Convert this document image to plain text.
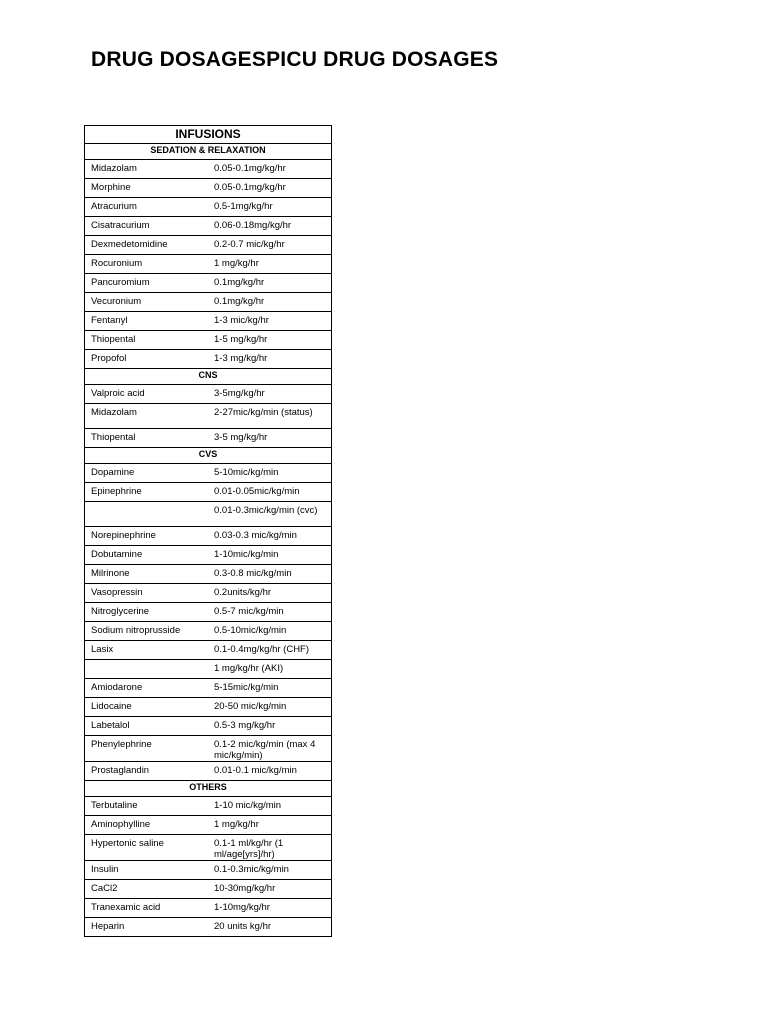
DRUG DOSAGESPICU DRUG DOSAGES
INFUSIONS	
SEDATION & RELAXATION	
Midazolam	0.05-0.1mg/kg/hr
Morphine	0.05-0.1mg/kg/hr
Atracurium	0.5-1mg/kg/hr
Cisatracurium	0.06-0.18mg/kg/hr
Dexmedetomidine	0.2-0.7 mic/kg/hr
Rocuronium	1 mg/kg/hr
Pancuromium	0.1mg/kg/hr
Vecuronium	0.1mg/kg/hr
Fentanyl	1-3 mic/kg/hr
Thiopental	1-5 mg/kg/hr
Propofol	1-3 mg/kg/hr
CNS	
Valproic acid	3-5mg/kg/hr
Midazolam	2-27mic/kg/min (status)
Thiopental	3-5 mg/kg/hr
CVS	
Dopamine	5-10mic/kg/min
Epinephrine	0.01-0.05mic/kg/min
	0.01-0.3mic/kg/min (cvc)
Norepinephrine	0.03-0.3 mic/kg/min
Dobutamine	1-10mic/kg/min
Milrinone	0.3-0.8 mic/kg/min
Vasopressin	0.2units/kg/hr
Nitroglycerine	0.5-7 mic/kg/min
Sodium nitroprusside	0.5-10mic/kg/min
Lasix	0.1-0.4mg/kg/hr (CHF)
	1 mg/kg/hr (AKI)
Amiodarone	5-15mic/kg/min
Lidocaine	20-50 mic/kg/min
Labetalol	0.5-3 mg/kg/hr
Phenylephrine	0.1-2 mic/kg/min (max 4 mic/kg/min)
Prostaglandin	0.01-0.1 mic/kg/min
OTHERS	
Terbutaline	1-10 mic/kg/min
Aminophylline	1 mg/kg/hr
Hypertonic saline	0.1-1 ml/kg/hr (1 ml/age[yrs]/hr)
Insulin	0.1-0.3mic/kg/min
CaCl2	10-30mg/kg/hr
Tranexamic acid	1-10mg/kg/hr
Heparin	20 units kg/hr
